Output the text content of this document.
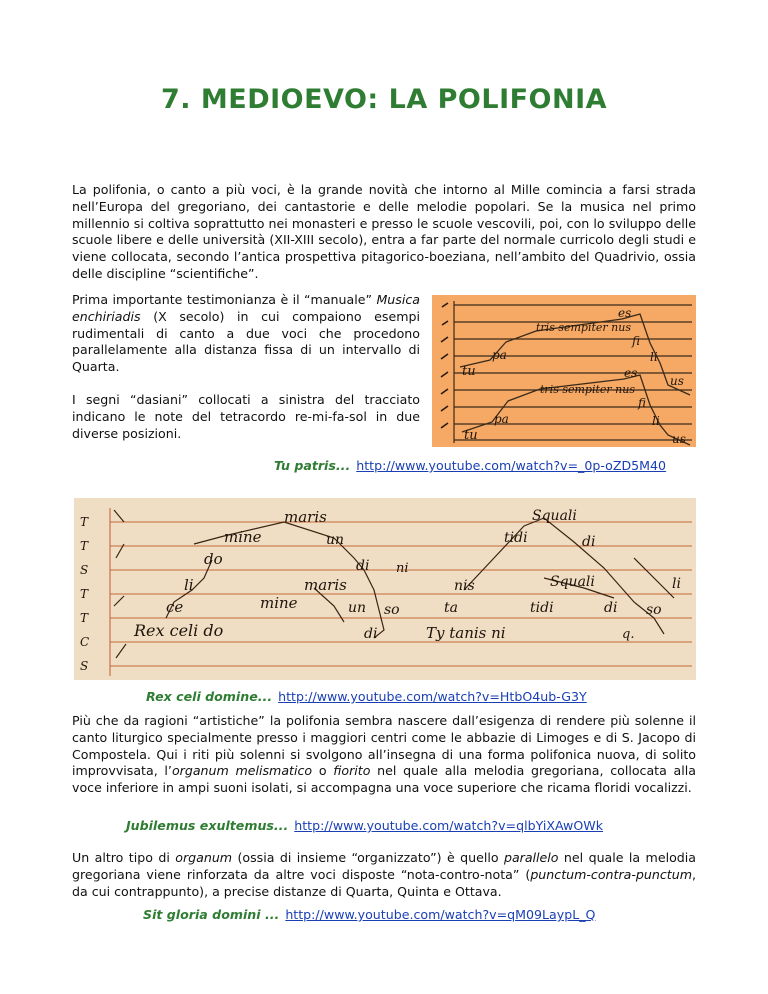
7. MEDIOEVO: LA POLIFONIA

La polifonia, o canto a più voci, è la grande novità che intorno al Mille comincia a farsi strada nell’Europa del gregoriano, dei cantastorie e delle melodie popolari. Se la musica nel primo millennio si coltiva soprattutto nei monasteri e presso le scuole vescovili, poi, con lo sviluppo delle scuole libere e delle università (XII-XIII secolo), entra a far parte del normale curricolo degli studi e viene collocata, secondo l’antica prospettiva pitagorico-boeziana, nell’ambito del Quadrivio, ossia delle discipline “scientifiche”.

Prima importante testimonianza è il “manuale” Musica enchiriadis (X secolo) in cui compaiono esempi rudimentali di canto a due voci che procedono parallelamente alla distanza fissa di un intervallo di Quarta.

I segni “dasiani” collocati a sinistra del tracciato indicano le note del tetracordo re-mi-fa-sol in due diverse posizioni.

tu
pa
tris sempiter nus
es
fi
li
us
tu
pa
tris sempiter nus
es
fi
li
us
Tu patris... http://www.youtube.com/watch?v=_0p-oZD5M40
T
T
S
T
T
C
S
maris
mine	un
do	di ni
li	maris
ce	mine	un so
Rex celi do	di
Squali
tidi	di
nis	Squali
ta	tidi	di so
li
Ty tanis ni	q.
Rex celi domine... http://www.youtube.com/watch?v=HtbO4ub-G3Y

Più che da ragioni “artistiche” la polifonia sembra nascere dall’esigenza di rendere più solenne il canto liturgico specialmente presso i maggiori centri come le abbazie di Limoges e di S. Jacopo di Compostela. Qui i riti più solenni si svolgono all’insegna di una forma polifonica nuova, di solito improvvisata, l’organum melismatico o fiorito nel quale alla melodia gregoriana, collocata alla voce inferiore in ampi suoni isolati, si accompagna una voce superiore che ricama floridi vocalizzi.

Jubilemus exultemus... http://www.youtube.com/watch?v=qlbYiXAwOWk

Un altro tipo di organum (ossia di insieme “organizzato”) è quello parallelo nel quale la melodia gregoriana viene rinforzata da altre voci disposte “nota-contro-nota” (punctum-contra-punctum, da cui contrappunto), a precise distanze di Quarta, Quinta e Ottava.

Sit gloria domini ... http://www.youtube.com/watch?v=qM09LaypL_Q
